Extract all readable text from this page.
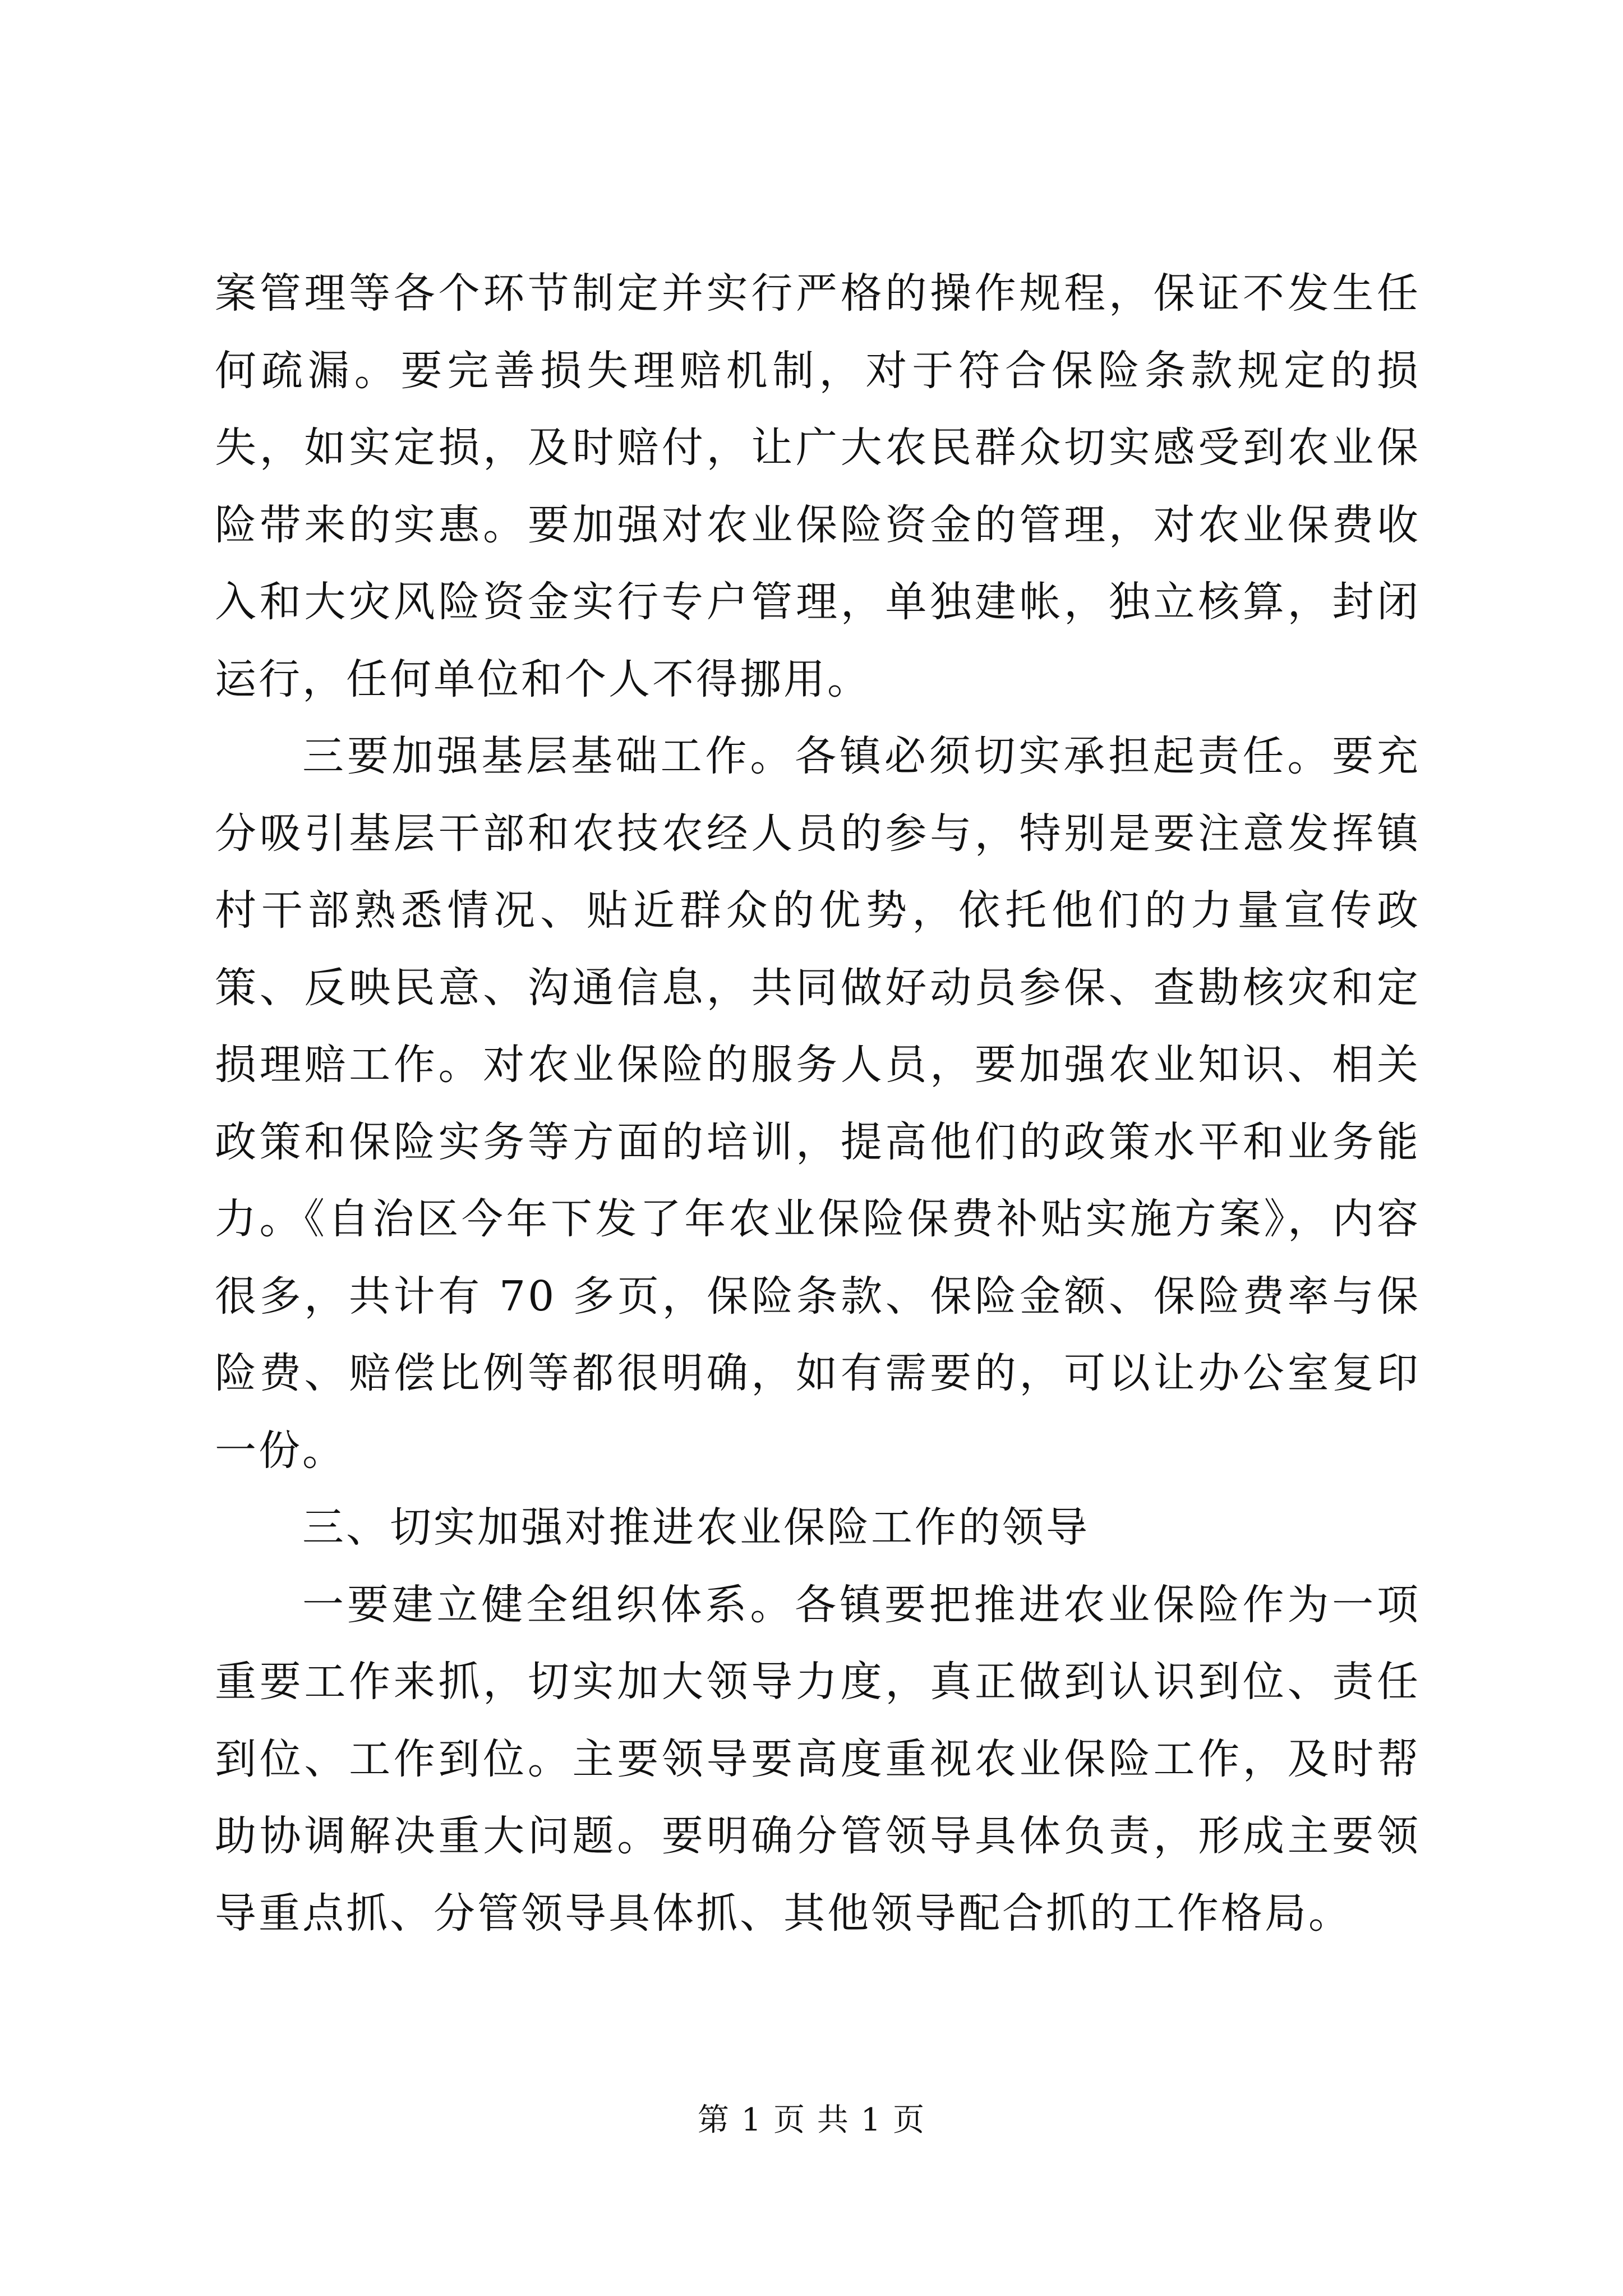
案管理等各个环节制定并实行严格的操作规程，保证不发生任何疏漏。要完善损失理赔机制，对于符合保险条款规定的损失，如实定损，及时赔付，让广大农民群众切实感受到农业保险带来的实惠。要加强对农业保险资金的管理，对农业保费收入和大灾风险资金实行专户管理，单独建帐，独立核算，封闭运行，任何单位和个人不得挪用。

三要加强基层基础工作。各镇必须切实承担起责任。要充分吸引基层干部和农技农经人员的参与，特别是要注意发挥镇村干部熟悉情况、贴近群众的优势，依托他们的力量宣传政策、反映民意、沟通信息，共同做好动员参保、查勘核灾和定损理赔工作。对农业保险的服务人员，要加强农业知识、相关政策和保险实务等方面的培训，提高他们的政策水平和业务能力。《自治区今年下发了年农业保险保费补贴实施方案》，内容很多，共计有 70 多页，保险条款、保险金额、保险费率与保险费、赔偿比例等都很明确，如有需要的，可以让办公室复印一份。

三、切实加强对推进农业保险工作的领导

一要建立健全组织体系。各镇要把推进农业保险作为一项重要工作来抓，切实加大领导力度，真正做到认识到位、责任到位、工作到位。主要领导要高度重视农业保险工作，及时帮助协调解决重大问题。要明确分管领导具体负责，形成主要领导重点抓、分管领导具体抓、其他领导配合抓的工作格局。

第 1 页 共 1 页
